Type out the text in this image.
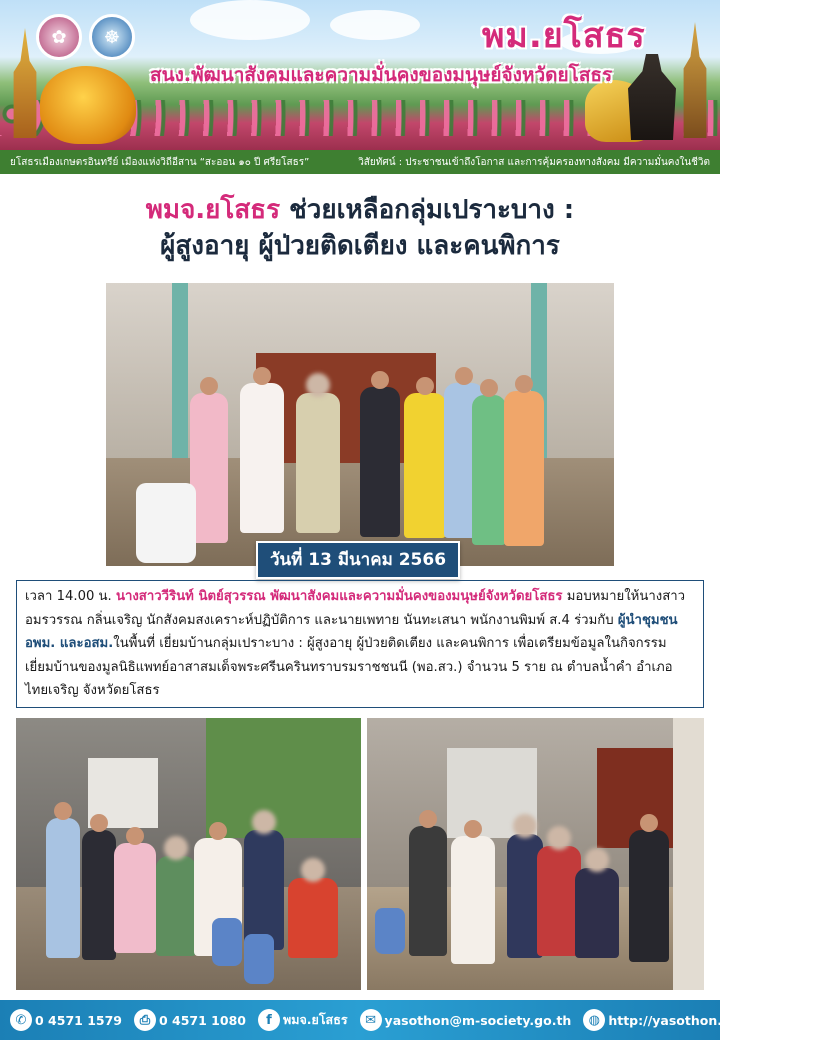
✿	☸	พม.ยโสธร
สนง.พัฒนาสังคมและความมั่นคงของมนุษย์จังหวัดยโสธร
ยโสธรเมืองเกษตรอินทรีย์ เมืองแห่งวิถีอีสาน “สะออน ๑๐ ปี ศรียโสธร”	วิสัยทัศน์ : ประชาชนเข้าถึงโอกาส และการคุ้มครองทางสังคม มีความมั่นคงในชีวิต
พมจ.ยโสธร ช่วยเหลือกลุ่มเปราะบาง :
ผู้สูงอายุ ผู้ป่วยติดเตียง และคนพิการ
วันที่ 13 มีนาคม 2566
เวลา 14.00 น. นางสาววีรินท์ นิตย์สุวรรณ พัฒนาสังคมและความมั่นคงของมนุษย์จังหวัดยโสธร มอบหมายให้นางสาวอมรวรรณ กลิ่นเจริญ นักสังคมสงเคราะห์ปฏิบัติการ และนายเพทาย นันทะเสนา พนักงานพิมพ์ ส.4 ร่วมกับ ผู้นำชุมชน อพม. และอสม.ในพื้นที่ เยี่ยมบ้านกลุ่มเปราะบาง : ผู้สูงอายุ ผู้ป่วยติดเตียง และคนพิการ เพื่อเตรียมข้อมูลในกิจกรรมเยี่ยมบ้านของมูลนิธิแพทย์อาสาสมเด็จพระศรีนครินทราบรมราชชนนี (พอ.สว.) จำนวน 5 ราย ณ ตำบลน้ำคำ อำเภอไทยเจริญ จังหวัดยโสธร
✆ 0 4571 1579	⎙ 0 4571 1080	f พมจ.ยโสธร	✉ yasothon@m-society.go.th	◍ http://yasothon.m-society.go.th/
